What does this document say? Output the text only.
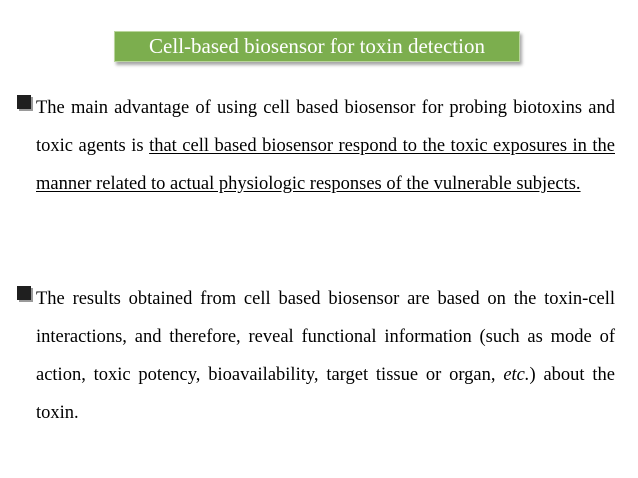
Cell-based biosensor for toxin detection
The main advantage of using cell based biosensor for probing biotoxins and toxic agents is that cell based biosensor respond to the toxic exposures in the manner related to actual physiologic responses of the vulnerable subjects.
The results obtained from cell based biosensor are based on the toxin-cell interactions, and therefore, reveal functional information (such as mode of action, toxic potency, bioavailability, target tissue or organ, etc.) about the toxin.
